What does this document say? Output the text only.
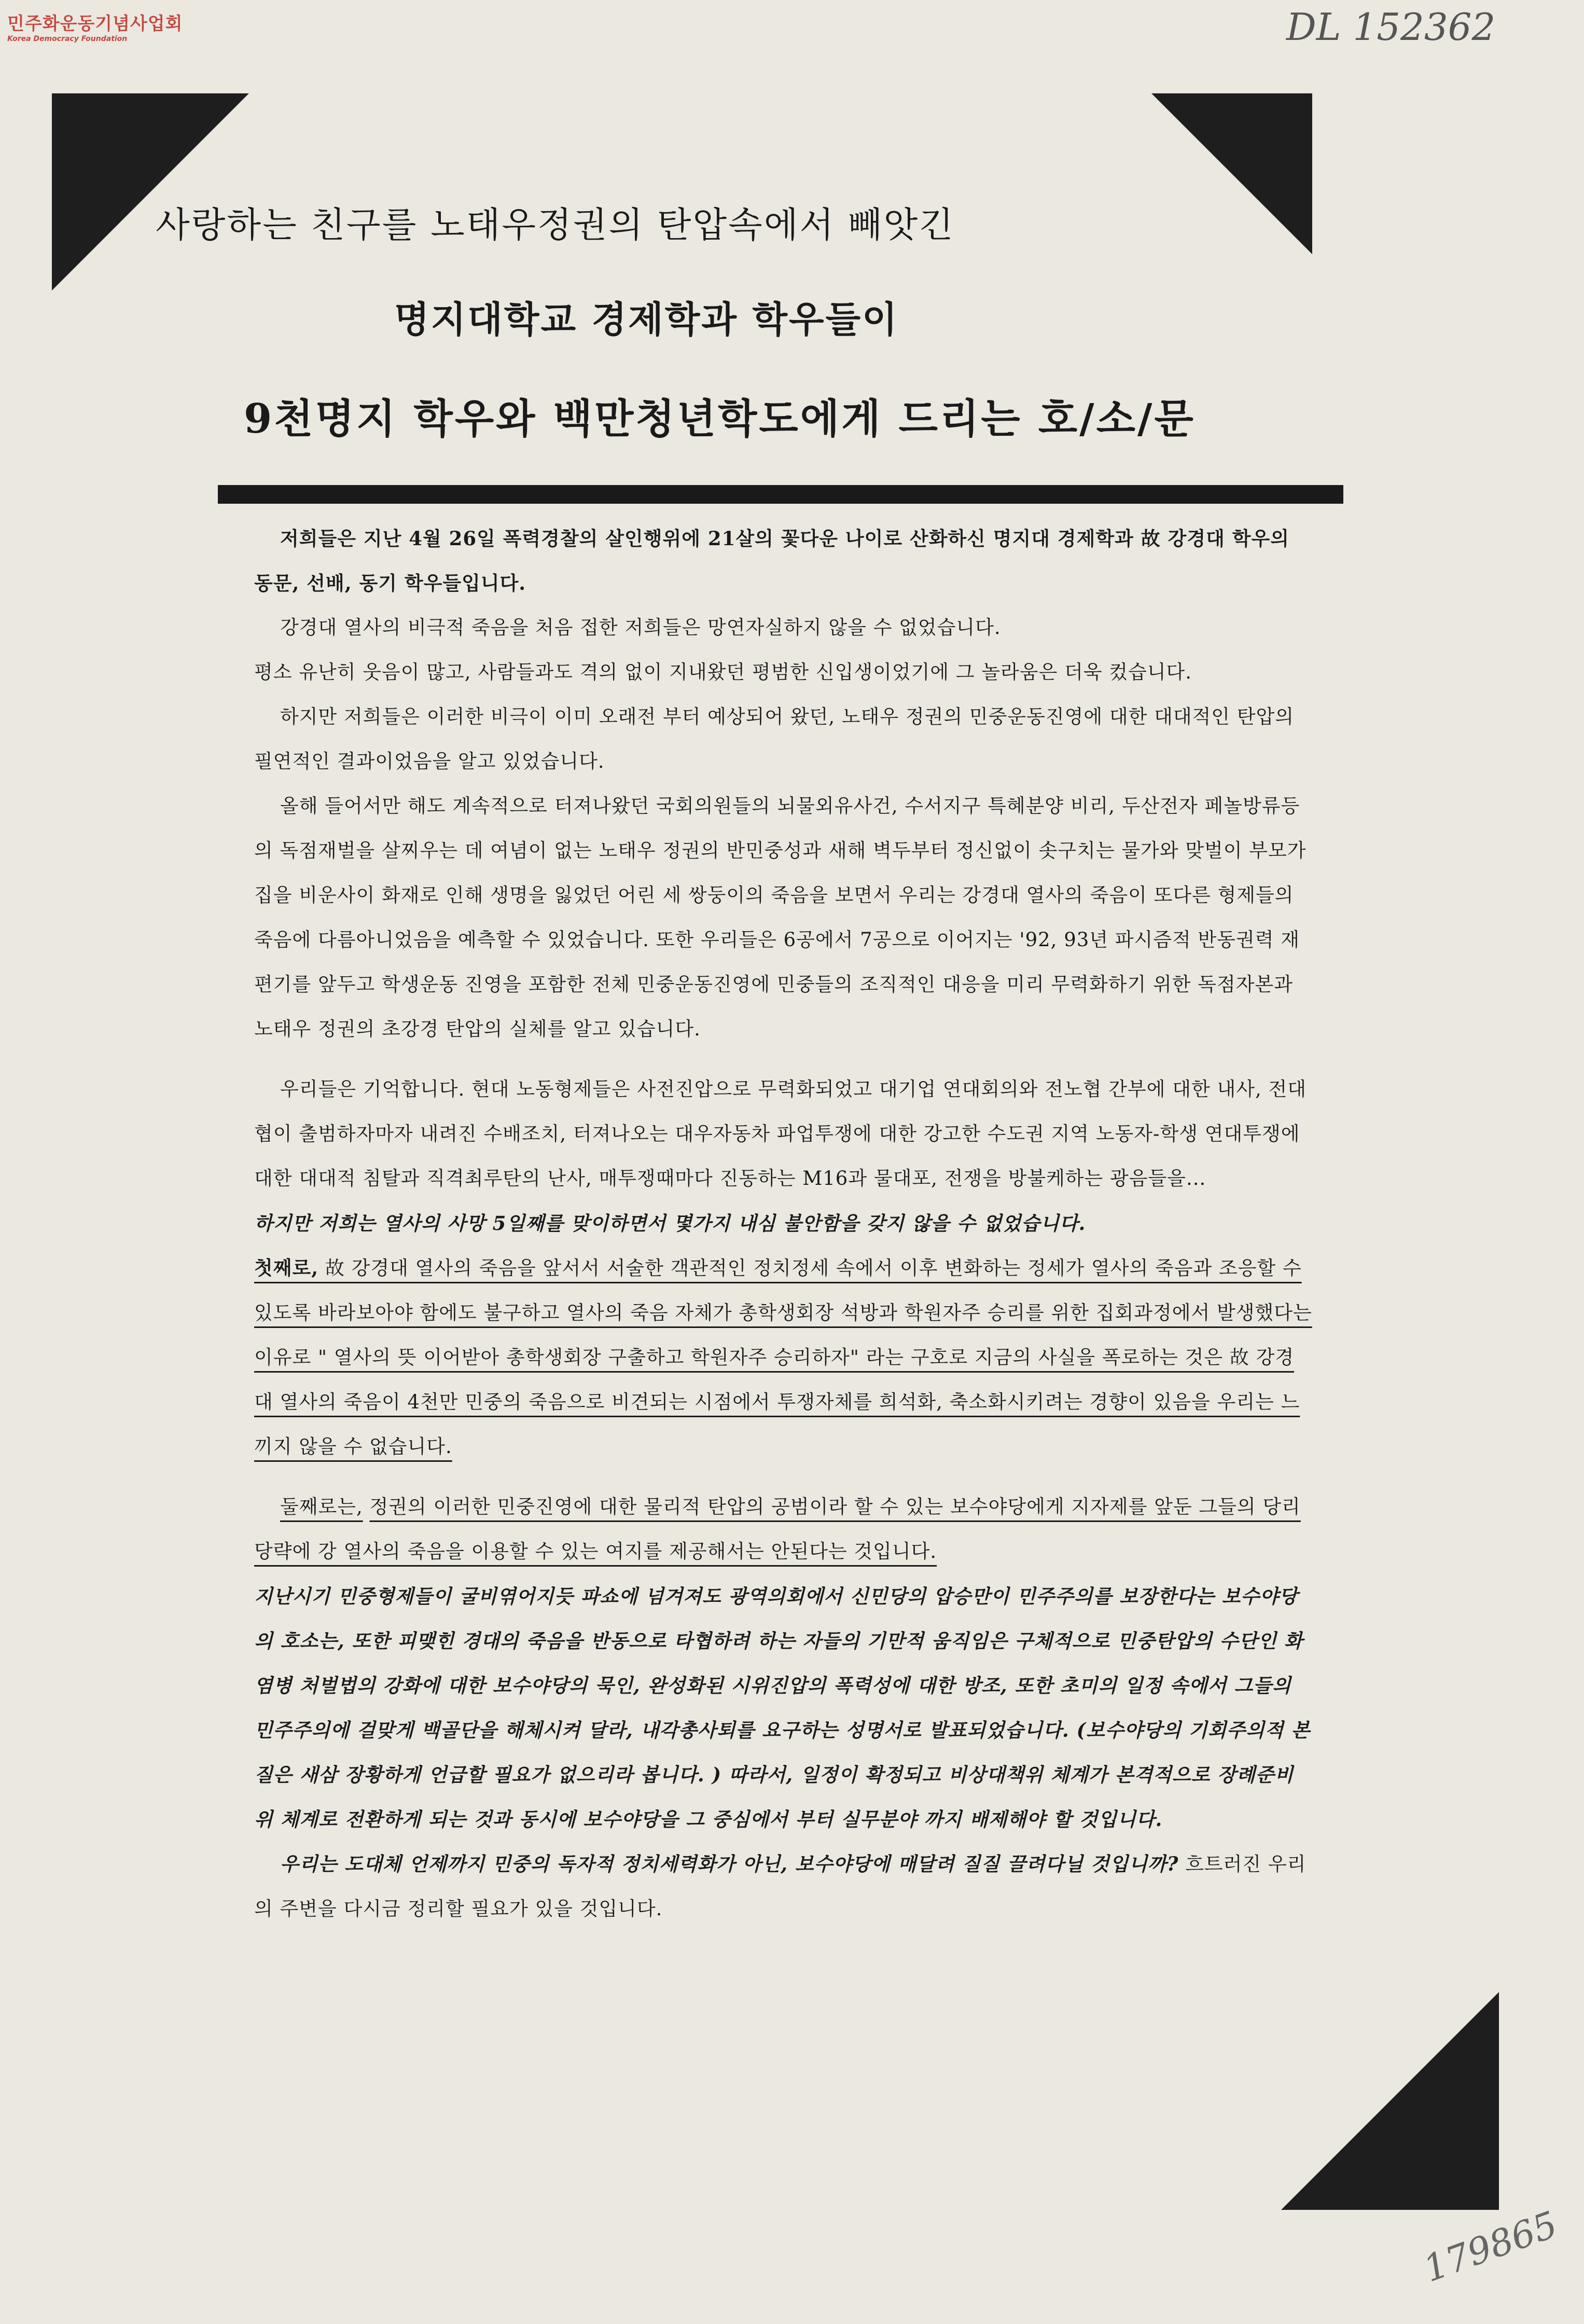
민주화운동기념사업회
Korea Democracy Foundation	DL 152362
사랑하는 친구를 노태우정권의 탄압속에서 빼앗긴
명지대학교 경제학과 학우들이
9천명지 학우와 백만청년학도에게 드리는 호/소/문

저희들은 지난 4월 26일 폭력경찰의 살인행위에 21살의 꽃다운 나이로 산화하신 명지대 경제학과 故 강경대 학우의 동문, 선배, 동기 학우들입니다.

강경대 열사의 비극적 죽음을 처음 접한 저희들은 망연자실하지 않을 수 없었습니다.

평소 유난히 웃음이 많고, 사람들과도 격의 없이 지내왔던 평범한 신입생이었기에 그 놀라움은 더욱 컸습니다.

하지만 저희들은 이러한 비극이 이미 오래전 부터 예상되어 왔던, 노태우 정권의 민중운동진영에 대한 대대적인 탄압의 필연적인 결과이었음을 알고 있었습니다.

올해 들어서만 해도 계속적으로 터져나왔던 국회의원들의 뇌물외유사건, 수서지구 특혜분양 비리, 두산전자 페놀방류등의 독점재벌을 살찌우는 데 여념이 없는 노태우 정권의 반민중성과 새해 벽두부터 정신없이 솟구치는 물가와 맞벌이 부모가 집을 비운사이 화재로 인해 생명을 잃었던 어린 세 쌍둥이의 죽음을 보면서 우리는 강경대 열사의 죽음이 또다른 형제들의 죽음에 다름아니었음을 예측할 수 있었습니다. 또한 우리들은 6공에서 7공으로 이어지는 '92, 93년 파시즘적 반동권력 재편기를 앞두고 학생운동 진영을 포함한 전체 민중운동진영에 민중들의 조직적인 대응을 미리 무력화하기 위한 독점자본과 노태우 정권의 초강경 탄압의 실체를 알고 있습니다.

우리들은 기억합니다. 현대 노동형제들은 사전진압으로 무력화되었고 대기업 연대회의와 전노협 간부에 대한 내사, 전대협이 출범하자마자 내려진 수배조치, 터져나오는 대우자동차 파업투쟁에 대한 강고한 수도권 지역 노동자-학생 연대투쟁에 대한 대대적 침탈과 직격최루탄의 난사, 매투쟁때마다 진동하는 M16과 물대포, 전쟁을 방불케하는 광음들을...

하지만 저희는 열사의 사망 5일째를 맞이하면서 몇가지 내심 불안함을 갖지 않을 수 없었습니다.

첫째로, 故 강경대 열사의 죽음을 앞서서 서술한 객관적인 정치정세 속에서 이후 변화하는 정세가 열사의 죽음과 조응할 수 있도록 바라보아야 함에도 불구하고 열사의 죽음 자체가 총학생회장 석방과 학원자주 승리를 위한 집회과정에서 발생했다는 이유로 " 열사의 뜻 이어받아 총학생회장 구출하고 학원자주 승리하자" 라는 구호로 지금의 사실을 폭로하는 것은 故 강경대 열사의 죽음이 4천만 민중의 죽음으로 비견되는 시점에서 투쟁자체를 희석화, 축소화시키려는 경향이 있음을 우리는 느끼지 않을 수 없습니다.

둘째로는, 정권의 이러한 민중진영에 대한 물리적 탄압의 공범이라 할 수 있는 보수야당에게 지자제를 앞둔 그들의 당리당략에 강 열사의 죽음을 이용할 수 있는 여지를 제공해서는 안된다는 것입니다.

지난시기 민중형제들이 굴비엮어지듯 파쇼에 넘겨져도 광역의회에서 신민당의 압승만이 민주주의를 보장한다는 보수야당의 호소는, 또한 피맺힌 경대의 죽음을 반동으로 타협하려 하는 자들의 기만적 움직임은 구체적으로 민중탄압의 수단인 화염병 처벌법의 강화에 대한 보수야당의 묵인, 완성화된 시위진압의 폭력성에 대한 방조, 또한 초미의 일정 속에서 그들의 민주주의에 걸맞게 백골단을 해체시켜 달라, 내각총사퇴를 요구하는 성명서로 발표되었습니다. (보수야당의 기회주의적 본질은 새삼 장황하게 언급할 필요가 없으리라 봅니다. ) 따라서, 일정이 확정되고 비상대책위 체계가 본격적으로 장례준비위 체계로 전환하게 되는 것과 동시에 보수야당을 그 중심에서 부터 실무분야 까지 배제해야 할 것입니다.

우리는 도대체 언제까지 민중의 독자적 정치세력화가 아닌, 보수야당에 매달려 질질 끌려다닐 것입니까? 흐트러진 우리의 주변을 다시금 정리할 필요가 있을 것입니다.

179865
